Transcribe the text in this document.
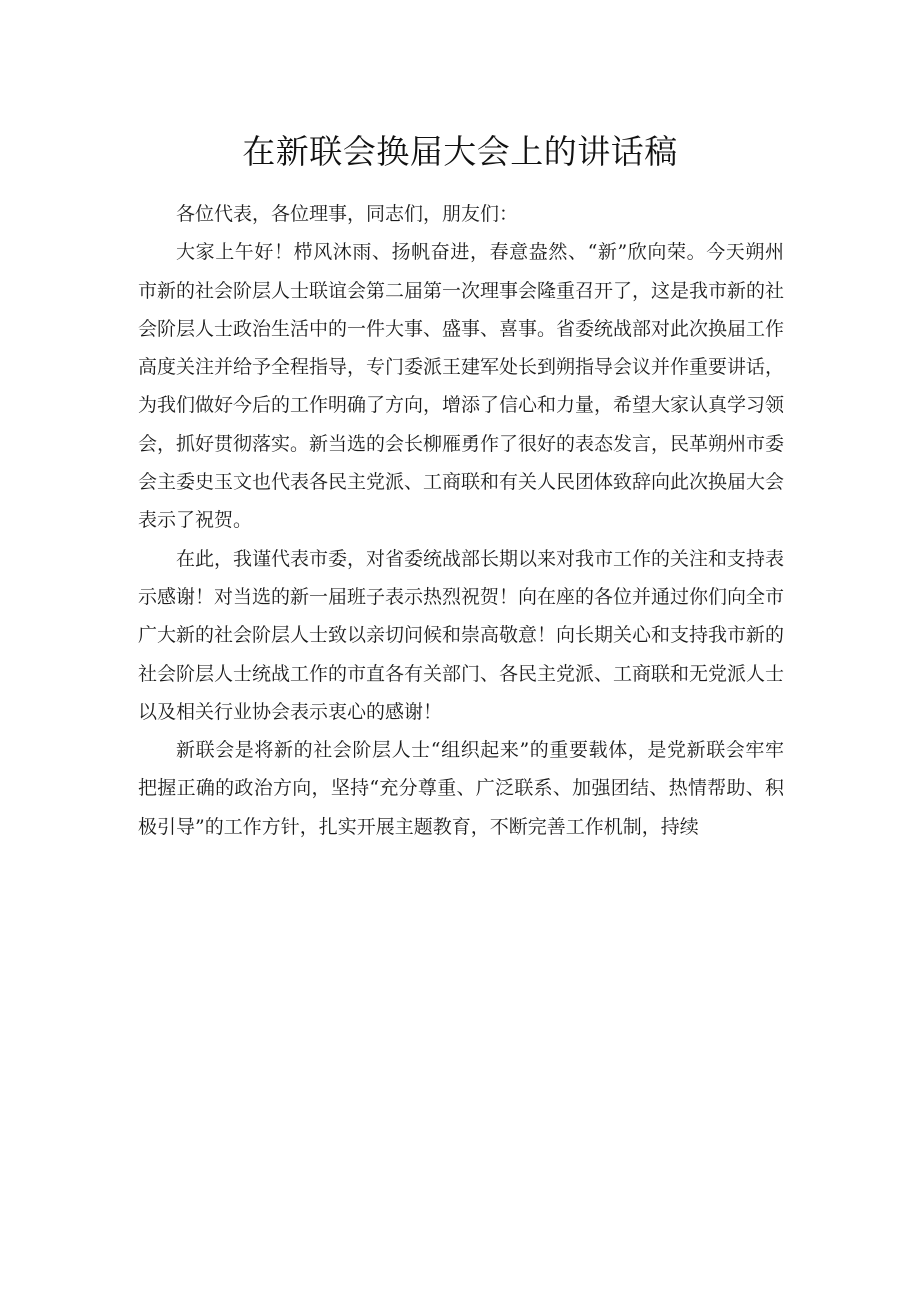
在新联会换届大会上的讲话稿

各位代表，各位理事，同志们，朋友们：

大家上午好！栉风沐雨、扬帆奋进，春意盎然、“新”欣向荣。今天朔州市新的社会阶层人士联谊会第二届第一次理事会隆重召开了，这是我市新的社会阶层人士政治生活中的一件大事、盛事、喜事。省委统战部对此次换届工作高度关注并给予全程指导，专门委派王建军处长到朔指导会议并作重要讲话，为我们做好今后的工作明确了方向，增添了信心和力量，希望大家认真学习领会，抓好贯彻落实。新当选的会长柳雁勇作了很好的表态发言，民革朔州市委会主委史玉文也代表各民主党派、工商联和有关人民团体致辞向此次换届大会表示了祝贺。

在此，我谨代表市委，对省委统战部长期以来对我市工作的关注和支持表示感谢！对当选的新一届班子表示热烈祝贺！向在座的各位并通过你们向全市广大新的社会阶层人士致以亲切问候和崇高敬意！向长期关心和支持我市新的社会阶层人士统战工作的市直各有关部门、各民主党派、工商联和无党派人士以及相关行业协会表示衷心的感谢！

新联会是将新的社会阶层人士“组织起来”的重要载体，是党新联会牢牢把握正确的政治方向，坚持“充分尊重、广泛联系、加强团结、热情帮助、积极引导”的工作方针，扎实开展主题教育，不断完善工作机制，持续
